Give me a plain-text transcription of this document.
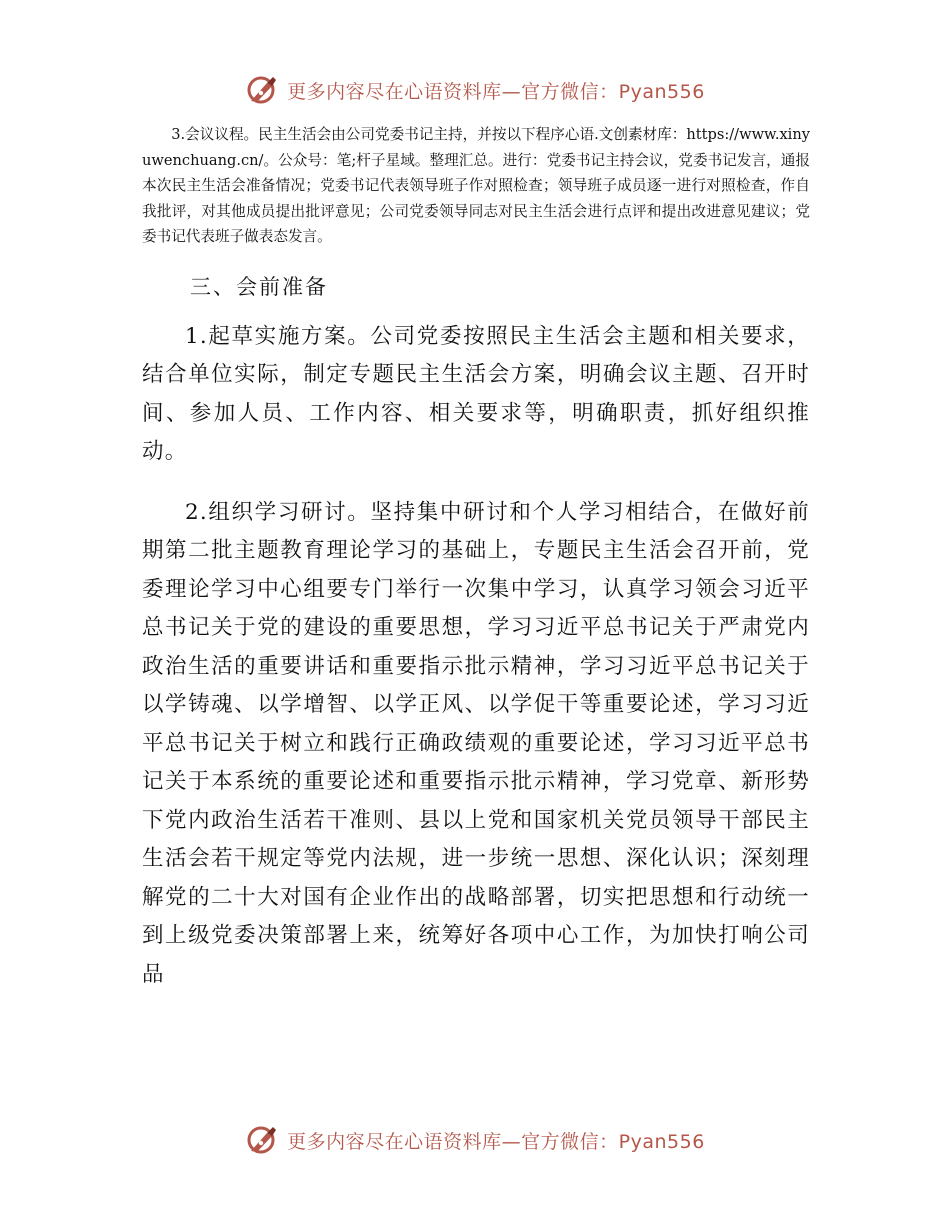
更多内容尽在心语资料库—官方微信：Pyan556

3.会议议程。民主生活会由公司党委书记主持，并按以下程序心语.文创素材库：https://www.xinyuwenchuang.cn/。公众号：笔;杆子星域。整理汇总。进行：党委书记主持会议，党委书记发言，通报本次民主生活会准备情况；党委书记代表领导班子作对照检查；领导班子成员逐一进行对照检查，作自我批评，对其他成员提出批评意见；公司党委领导同志对民主生活会进行点评和提出改进意见建议；党委书记代表班子做表态发言。

三、会前准备

1.起草实施方案。公司党委按照民主生活会主题和相关要求，结合单位实际，制定专题民主生活会方案，明确会议主题、召开时间、参加人员、工作内容、相关要求等，明确职责，抓好组织推动。

2.组织学习研讨。坚持集中研讨和个人学习相结合，在做好前期第二批主题教育理论学习的基础上，专题民主生活会召开前，党委理论学习中心组要专门举行一次集中学习，认真学习领会习近平总书记关于党的建设的重要思想，学习习近平总书记关于严肃党内政治生活的重要讲话和重要指示批示精神，学习习近平总书记关于以学铸魂、以学增智、以学正风、以学促干等重要论述，学习习近平总书记关于树立和践行正确政绩观的重要论述，学习习近平总书记关于本系统的重要论述和重要指示批示精神，学习党章、新形势下党内政治生活若干准则、县以上党和国家机关党员领导干部民主生活会若干规定等党内法规，进一步统一思想、深化认识；深刻理解党的二十大对国有企业作出的战略部署，切实把思想和行动统一到上级党委决策部署上来，统筹好各项中心工作，为加快打响公司品

更多内容尽在心语资料库—官方微信：Pyan556
